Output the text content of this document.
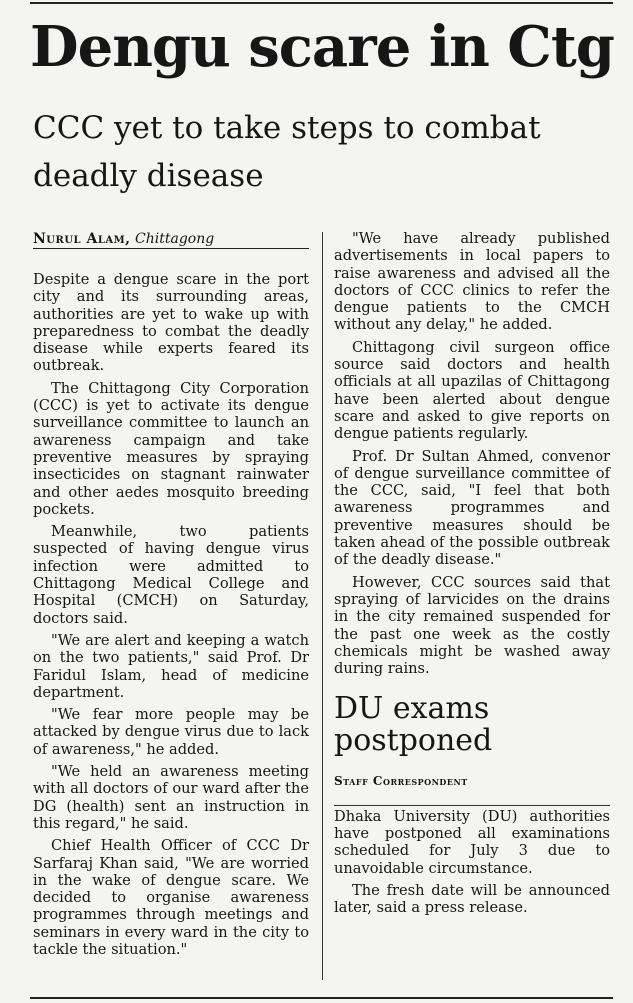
Dengu scare in Ctg
CCC yet to take steps to combat deadly disease
Nurul Alam, Chittagong

Despite a dengue scare in the port city and its surrounding areas, authorities are yet to wake up with preparedness to combat the deadly disease while experts feared its outbreak.

The Chittagong City Corporation (CCC) is yet to activate its dengue surveillance committee to launch an awareness campaign and take preventive measures by spraying insecticides on stagnant rainwater and other aedes mosquito breeding pockets.

Meanwhile, two patients suspected of having dengue virus infection were admitted to Chittagong Medical College and Hospital (CMCH) on Saturday, doctors said.

"We are alert and keeping a watch on the two patients," said Prof. Dr Faridul Islam, head of medicine department.

"We fear more people may be attacked by dengue virus due to lack of awareness," he added.

"We held an awareness meeting with all doctors of our ward after the DG (health) sent an instruction in this regard," he said.

Chief Health Officer of CCC Dr Sarfaraj Khan said, "We are worried in the wake of dengue scare. We decided to organise awareness programmes through meetings and seminars in every ward in the city to tackle the situation."

"We have already published advertisements in local papers to raise awareness and advised all the doctors of CCC clinics to refer the dengue patients to the CMCH without any delay," he added.

Chittagong civil surgeon office source said doctors and health officials at all upazilas of Chittagong have been alerted about dengue scare and asked to give reports on dengue patients regularly.

Prof. Dr Sultan Ahmed, convenor of dengue surveillance committee of the CCC, said, "I feel that both awareness programmes and preventive measures should be taken ahead of the possible outbreak of the deadly disease."

However, CCC sources said that spraying of larvicides on the drains in the city remained suspended for the past one week as the costly chemicals might be washed away during rains.

DU exams postponed
Staff Correspondent

Dhaka University (DU) authorities have postponed all examinations scheduled for July 3 due to unavoidable circumstance.

The fresh date will be announced later, said a press release.
